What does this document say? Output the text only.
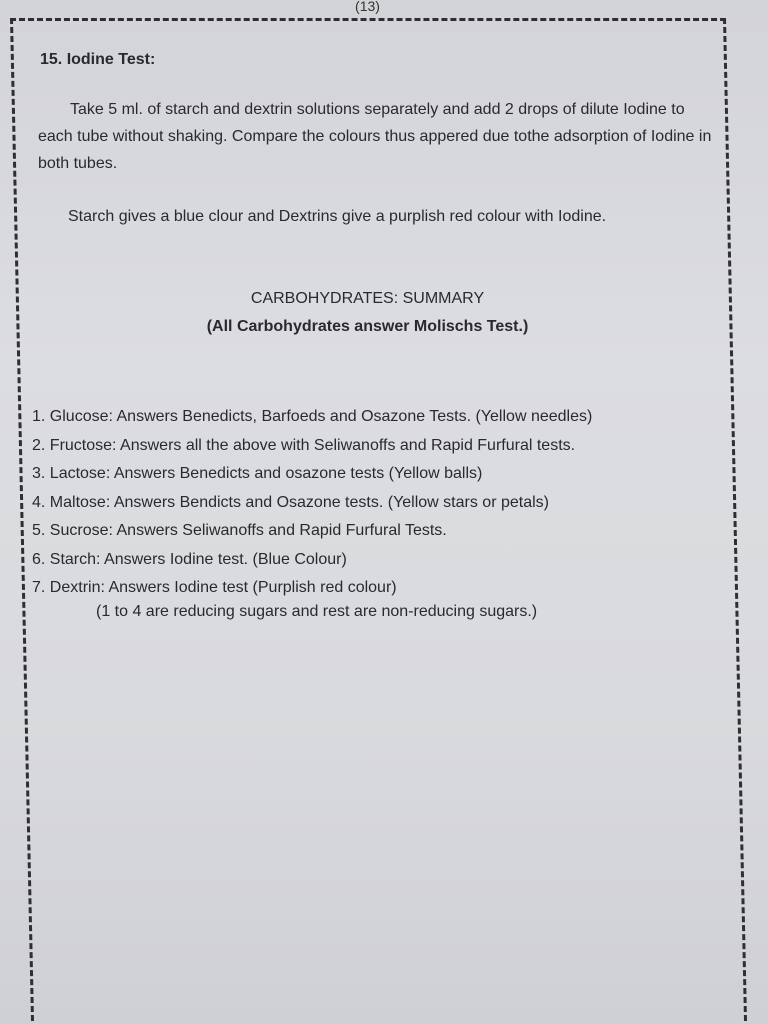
(13)
15. Iodine Test:
Take 5 ml. of starch and dextrin solutions separately and add 2 drops of dilute Iodine to each tube without shaking. Compare the colours thus appered due tothe adsorption of Iodine in both tubes.
Starch gives a blue clour and Dextrins give a purplish red colour with Iodine.
CARBOHYDRATES: SUMMARY
(All Carbohydrates answer Molischs Test.)
1. Glucose: Answers Benedicts, Barfoeds and Osazone Tests. (Yellow needles)
2. Fructose: Answers all the above with Seliwanoffs and Rapid Furfural tests.
3. Lactose: Answers Benedicts and osazone tests (Yellow balls)
4. Maltose: Answers Bendicts and Osazone tests. (Yellow stars or petals)
5. Sucrose: Answers Seliwanoffs and Rapid Furfural Tests.
6. Starch: Answers Iodine test. (Blue Colour)
7. Dextrin: Answers Iodine test (Purplish red colour)
(1 to 4 are reducing sugars and rest are non-reducing sugars.)
